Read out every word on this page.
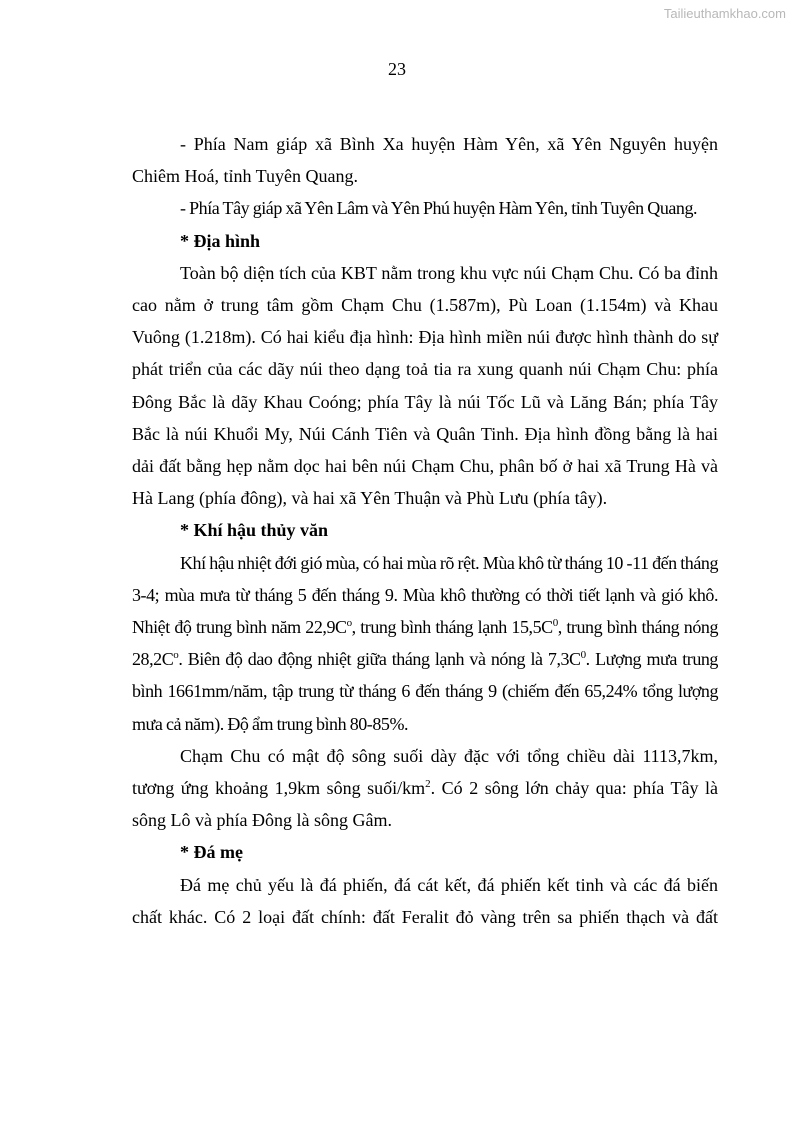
Tailieuthamkhao.com
23

- Phía Nam giáp xã Bình Xa huyện Hàm Yên, xã Yên Nguyên huyện Chiêm Hoá, tỉnh Tuyên Quang.

- Phía Tây giáp xã Yên Lâm và Yên Phú huyện Hàm Yên, tỉnh Tuyên Quang.

* Địa hình

Toàn bộ diện tích của KBT nằm trong khu vực núi Chạm Chu. Có ba đỉnh cao nằm ở trung tâm gồm Chạm Chu (1.587m), Pù Loan (1.154m) và Khau Vuông (1.218m). Có hai kiểu địa hình: Địa hình miền núi được hình thành do sự phát triển của các dãy núi theo dạng toả tia ra xung quanh núi Chạm Chu: phía Đông Bắc là dãy Khau Coóng; phía Tây là núi Tốc Lũ và Lăng Bán; phía Tây Bắc là núi Khuổi My, Núi Cánh Tiên và Quân Tinh. Địa hình đồng bằng là hai dải đất bằng hẹp nằm dọc hai bên núi Chạm Chu, phân bố ở hai xã Trung Hà và Hà Lang (phía đông), và hai xã Yên Thuận và Phù Lưu (phía tây).

* Khí hậu thủy văn

Khí hậu nhiệt đới gió mùa, có hai mùa rõ rệt. Mùa khô từ tháng 10 -11 đến tháng 3-4; mùa mưa từ tháng 5 đến tháng 9. Mùa khô thường có thời tiết lạnh và gió khô. Nhiệt độ trung bình năm $22,9C^o$, trung bình tháng lạnh $15,5C^0$, trung bình tháng nóng $28,2C^o$. Biên độ dao động nhiệt giữa tháng lạnh và nóng là $7,3C^0$. Lượng mưa trung bình 1661mm/năm, tập trung từ tháng 6 đến tháng 9 (chiếm đến 65,24% tổng lượng mưa cả năm). Độ ẩm trung bình 80-85%.

Chạm Chu có mật độ sông suối dày đặc với tổng chiều dài 1113,7km, tương ứng khoảng 1,9km sông suối/$km^2$. Có 2 sông lớn chảy qua: phía Tây là sông Lô và phía Đông là sông Gâm.

* Đá mẹ

Đá mẹ chủ yếu là đá phiến, đá cát kết, đá phiến kết tinh và các đá biến chất khác. Có 2 loại đất chính: đất Feralit đỏ vàng trên sa phiến thạch và đất
